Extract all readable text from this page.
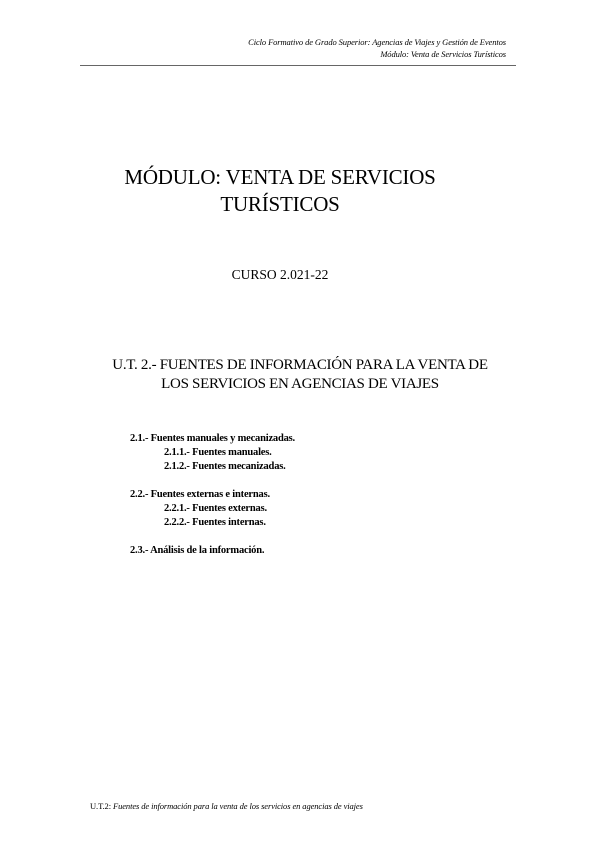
Ciclo Formativo de Grado Superior: Agencias de Viajes y Gestión de Eventos
Módulo: Venta de Servicios Turísticos
MÓDULO: VENTA DE SERVICIOS
TURÍSTICOS
CURSO 2.021-22
U.T. 2.- FUENTES DE INFORMACIÓN PARA LA VENTA DE
LOS SERVICIOS EN AGENCIAS DE VIAJES
2.1.- Fuentes manuales y mecanizadas.
2.1.1.- Fuentes manuales.
2.1.2.- Fuentes mecanizadas.
2.2.- Fuentes externas e internas.
2.2.1.- Fuentes externas.
2.2.2.- Fuentes internas.
2.3.- Análisis de la información.
U.T.2: Fuentes de información para la venta de los servicios en agencias de viajes
